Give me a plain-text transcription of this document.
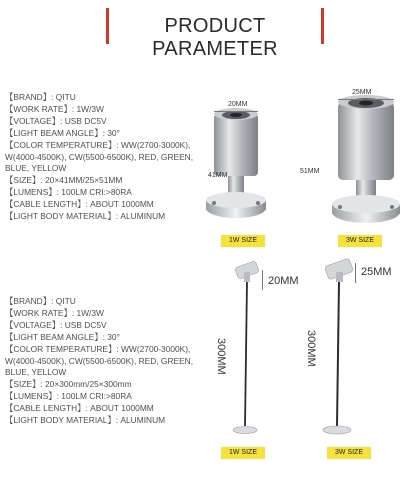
PRODUCT PARAMETER
【BRAND】: QITU
【WORK RATE】: 1W/3W
【VOLTAGE】: USB DC5V
【LIGHT BEAM ANGLE】: 30°
【COLOR TEMPERATURE】: WW(2700-3000K), W(4000-4500K), CW(5500-6500K), RED, GREEN, BLUE, YELLOW
【SIZE】: 20×41MM/25×51MM
【LUMENS】: 100LM CRI:>80RA
【CABLE LENGTH】: ABOUT 1000MM
【LIGHT BODY MATERIAL】: ALUMINUM
20MM
41MM
25MM
51MM
1W SIZE	3W SIZE
【BRAND】: QITU
【WORK RATE】: 1W/3W
【VOLTAGE】: USB DC5V
【LIGHT BEAM ANGLE】: 30°
【COLOR TEMPERATURE】: WW(2700-3000K), W(4000-4500K), CW(5500-6500K), RED, GREEN, BLUE, YELLOW
【SIZE】: 20×300mm/25×300mm
【LUMENS】: 100LM CRI:>80RA
【CABLE LENGTH】: ABOUT 1000MM
【LIGHT BODY MATERIAL】: ALUMINUM
20MM
300MM
25MM
300MM
1W SIZE	3W SIZE
